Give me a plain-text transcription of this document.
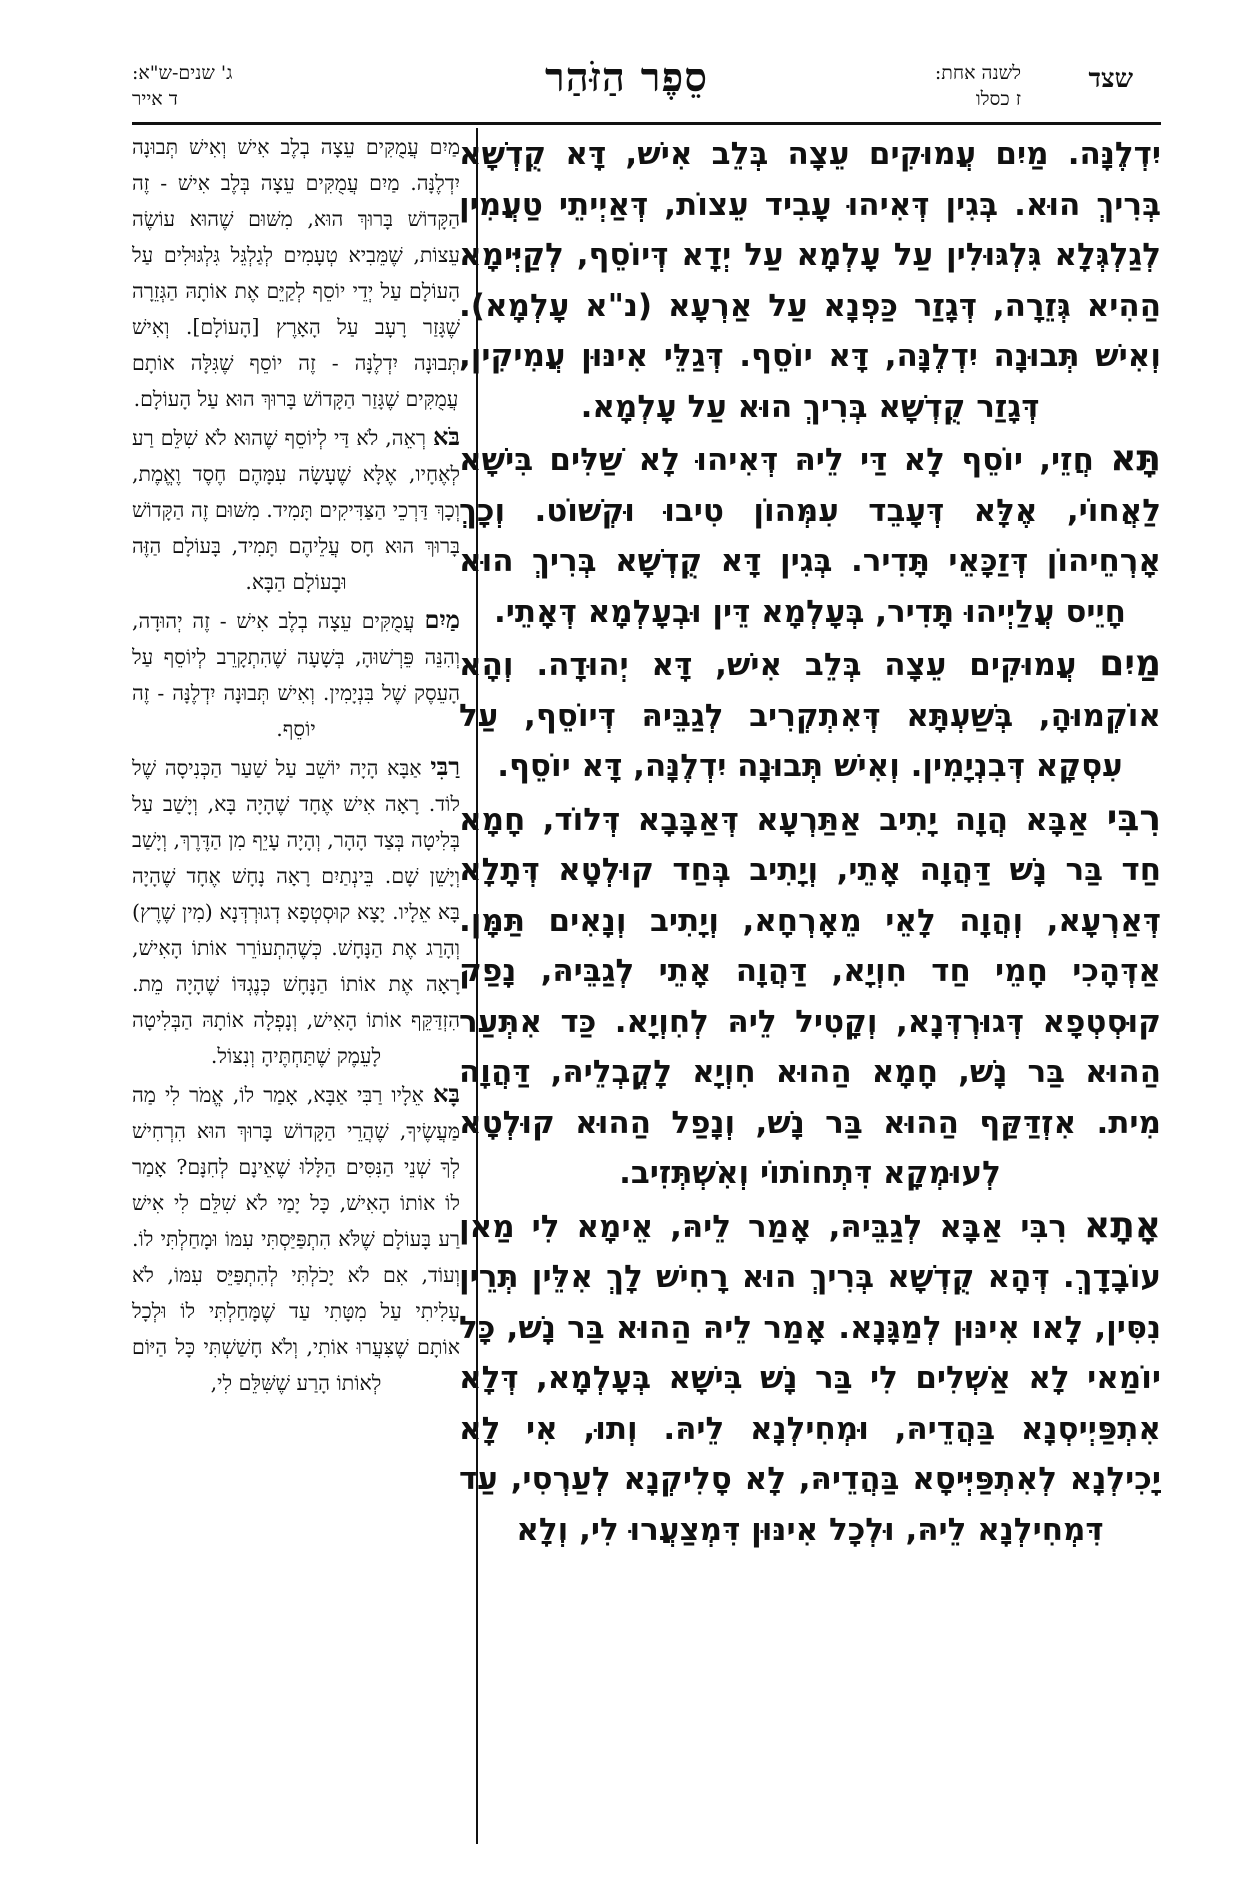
סֵפֶר הַזֹּהַר	שצד
לשנה אחת:
ז כסלו
ג' שנים-ש"א:
ד אייר

יִדְלֶנָּה. מַיִם עֲמוּקִים עֵצָה בְּלֵב אִישׁ, דָּא קֻדְשָׁא בְּרִיךְ הוּא. בְּגִין דְּאִיהוּ עָבִיד עֵצוֹת, דְּאַיְיתֵי טַעֲמִין לְגַלְגְּלָא גִּלְגּוּלִין עַל עָלְמָא עַל יְדָא דְּיוֹסֵף, לְקַיְּימָא הַהִיא גְּזֵרָה, דְּגָזַר כַּפְנָא עַל אַרְעָא (נ"א עָלְמָא). וְאִישׁ תְּבוּנָה יִדְלֶנָּה, דָּא יוֹסֵף. דְּגַלֵּי אִינּוּן עֲמִיקִין, דְּגָזַר קֻדְשָׁא בְּרִיךְ הוּא עַל עָלְמָא.

תָּא חֲזֵי, יוֹסֵף לָא דַּי לֵיהּ דְּאִיהוּ לָא שַׁלִּים בִּישָׁא לַאֲחוֹי, אֶלָּא דְּעָבֵד עִמְּהוֹן טִיבוּ וּקְשׁוֹט. וְכָךְ אָרְחֵיהוֹן דְּזַכָּאֵי תָּדִיר. בְּגִין דָּא קֻדְשָׁא בְּרִיךְ הוּא חָיֵיס עֲלַיְיהוּ תָּדִיר, בְּעָלְמָא דֵּין וּבְעָלְמָא דְּאָתֵי.

מַיִם עֲמוּקִים עֵצָה בְּלֵב אִישׁ, דָּא יְהוּדָה. וְהָא אוֹקְמוּהָ, בְּשַׁעְתָּא דְּאִתְקְרִיב לְגַבֵּיהּ דְּיוֹסֵף, עַל עִסְקָא דְּבִנְיָמִין. וְאִישׁ תְּבוּנָה יִדְלֶנָּה, דָּא יוֹסֵף.

רִבִּי אַבָּא הֲוָה יָתִיב אַתַּרְעָא דְּאַבָּבָא דְּלוֹד, חָמָא חַד בַּר נָשׁ דַּהֲוָה אָתֵי, וְיָתִיב בְּחַד קוּלְטָא דְּתָלָא דְּאַרְעָא, וְהֲוָה לָאֵי מֵאָרְחָא, וְיָתִיב וְנָאִים תַּמָּן. אַדְּהָכִי חָמֵי חַד חִוְיָא, דַּהֲוָה אָתֵי לְגַבֵּיהּ, נָפַק קוּסְטְפָא דְּגוּרְדְּנָא, וְקָטִיל לֵיהּ לְחִוְיָא. כַּד אִתְּעַר הַהוּא בַּר נָשׁ, חָמָא הַהוּא חִוְיָא לָקֳבְלֵיהּ, דַּהֲוָה מִית. אִזְדַּקַּף הַהוּא בַּר נָשׁ, וְנָפַל הַהוּא קוּלְטָא לְעוּמְקָא דִּתְחוֹתוֹי וְאִשְׁתְּזִיב.

אָתָא רִבִּי אַבָּא לְגַבֵּיהּ, אָמַר לֵיהּ, אֵימָא לִי מַאן עוֹבָדָךְ. דְּהָא קֻדְשָׁא בְּרִיךְ הוּא רָחִישׁ לָךְ אִלֵּין תְּרֵין נִסִּין, לָאו אִינּוּן לְמַגָּנָא. אָמַר לֵיהּ הַהוּא בַּר נָשׁ, כָּל יוֹמַאי לָא אַשְׁלִים לִי בַּר נָשׁ בִּישָׁא בְּעָלְמָא, דְּלָא אִתְפַּיְיסְנָא בַּהֲדֵיהּ, וּמְחִילְנָא לֵיהּ. וְתוּ, אִי לָא יָכִילְנָא לְאִתְפַּיְּיסָא בַּהֲדֵיהּ, לָא סָלִיקְנָא לְעַרְסִי, עַד דִּמְחִילְנָא לֵיהּ, וּלְכָל אִינּוּן דִּמְצַעֲרוּ לִי, וְלָא

מַיִם עֲמֻקִּים עֵצָה בְלֶב אִישׁ וְאִישׁ תְּבוּנָה יִדְלֶנָּה. מַיִם עֲמֻקִּים עֵצָה בְּלֶב אִישׁ - זֶה הַקָּדוֹשׁ בָּרוּךְ הוּא, מִשּׁוּם שֶׁהוּא עוֹשֶׂה עֵצוֹת, שֶׁמֵּבִיא טְעָמִים לְגַלְגֵּל גִּלְגּוּלִים עַל הָעוֹלָם עַל יְדֵי יוֹסֵף לְקַיֵּם אֶת אוֹתָהּ הַגְּזֵרָה שֶׁגָּזַר רָעָב עַל הָאָרֶץ [הָעוֹלָם]. וְאִישׁ תְּבוּנָה יִדְלֶנָּה - זֶה יוֹסֵף שֶׁגִּלָּה אוֹתָם עֲמֻקִּים שֶׁגָּזַר הַקָּדוֹשׁ בָּרוּךְ הוּא עַל הָעוֹלָם.

בֹּא רְאֵה, לֹא דַּי לְיוֹסֵף שֶׁהוּא לֹא שִׁלֵּם רַע לְאֶחָיו, אֶלָּא שֶׁעָשָׂה עִמָּהֶם חֶסֶד וֶאֱמֶת, וְכָךְ דַּרְכֵי הַצַּדִּיקִים תָּמִיד. מִשּׁוּם זֶה הַקָּדוֹשׁ בָּרוּךְ הוּא חָס עֲלֵיהֶם תָּמִיד, בָּעוֹלָם הַזֶּה וּבָעוֹלָם הַבָּא.

מַיִם עֲמֻקִּים עֵצָה בְלֶב אִישׁ - זֶה יְהוּדָה, וְהִנֵּה פֵּרְשׁוּהָ, בְּשָׁעָה שֶׁהִתְקָרֵב לְיוֹסֵף עַל הָעֵסֶק שֶׁל בִּנְיָמִין. וְאִישׁ תְּבוּנָה יִדְלֶנָּה - זֶה יוֹסֵף.

רַבִּי אַבָּא הָיָה יוֹשֵׁב עַל שַׁעַר הַכְּנִיסָה שֶׁל לוֹד. רָאָה אִישׁ אֶחָד שֶׁהָיָה בָּא, וְיָשַׁב עַל בְּלִיטָה בְּצַד הָהָר, וְהָיָה עָיֵף מִן הַדֶּרֶךְ, וְיָשַׁב וְיָשֵׁן שָׁם. בֵּינְתַיִם רָאָה נָחָשׁ אֶחָד שֶׁהָיָה בָּא אֵלָיו. יָצָא קוּסְטְפָא דְגוּרְדְּנָא (מִין שֶׁרֶץ) וְהָרַג אֶת הַנָּחָשׁ. כְּשֶׁהִתְעוֹרֵר אוֹתוֹ הָאִישׁ, רָאָה אֶת אוֹתוֹ הַנָּחָשׁ כְּנֶגְדּוֹ שֶׁהָיָה מֵת. הִזְדַּקֵּף אוֹתוֹ הָאִישׁ, וְנָפְלָה אוֹתָהּ הַבְּלִיטָה לָעֵמֶק שֶׁתַּחְתֶּיהָ וְנִצּוֹל.

בָּא אֵלָיו רַבִּי אַבָּא, אָמַר לוֹ, אֱמֹר לִי מַה מַּעֲשֶׂיךָ, שֶׁהֲרֵי הַקָּדוֹשׁ בָּרוּךְ הוּא הִרְחִישׁ לְךָ שְׁנֵי הַנִּסִּים הַלָּלוּ שֶׁאֵינָם לְחִנָּם? אָמַר לוֹ אוֹתוֹ הָאִישׁ, כָּל יָמַי לֹא שִׁלֵּם לִי אִישׁ רַע בָּעוֹלָם שֶׁלֹּא הִתְפַּיַּסְתִּי עִמּוֹ וּמָחַלְתִּי לוֹ. וְעוֹד, אִם לֹא יָכֹלְתִּי לְהִתְפַּיֵּס עִמּוֹ, לֹא עָלִיתִי עַל מִטָּתִי עַד שֶׁמָּחַלְתִּי לוֹ וּלְכָל אוֹתָם שֶׁצִּעֲרוּ אוֹתִי, וְלֹא חָשַׁשְׁתִּי כָּל הַיּוֹם לְאוֹתוֹ הָרַע שֶׁשִּׁלֵּם לִי,
